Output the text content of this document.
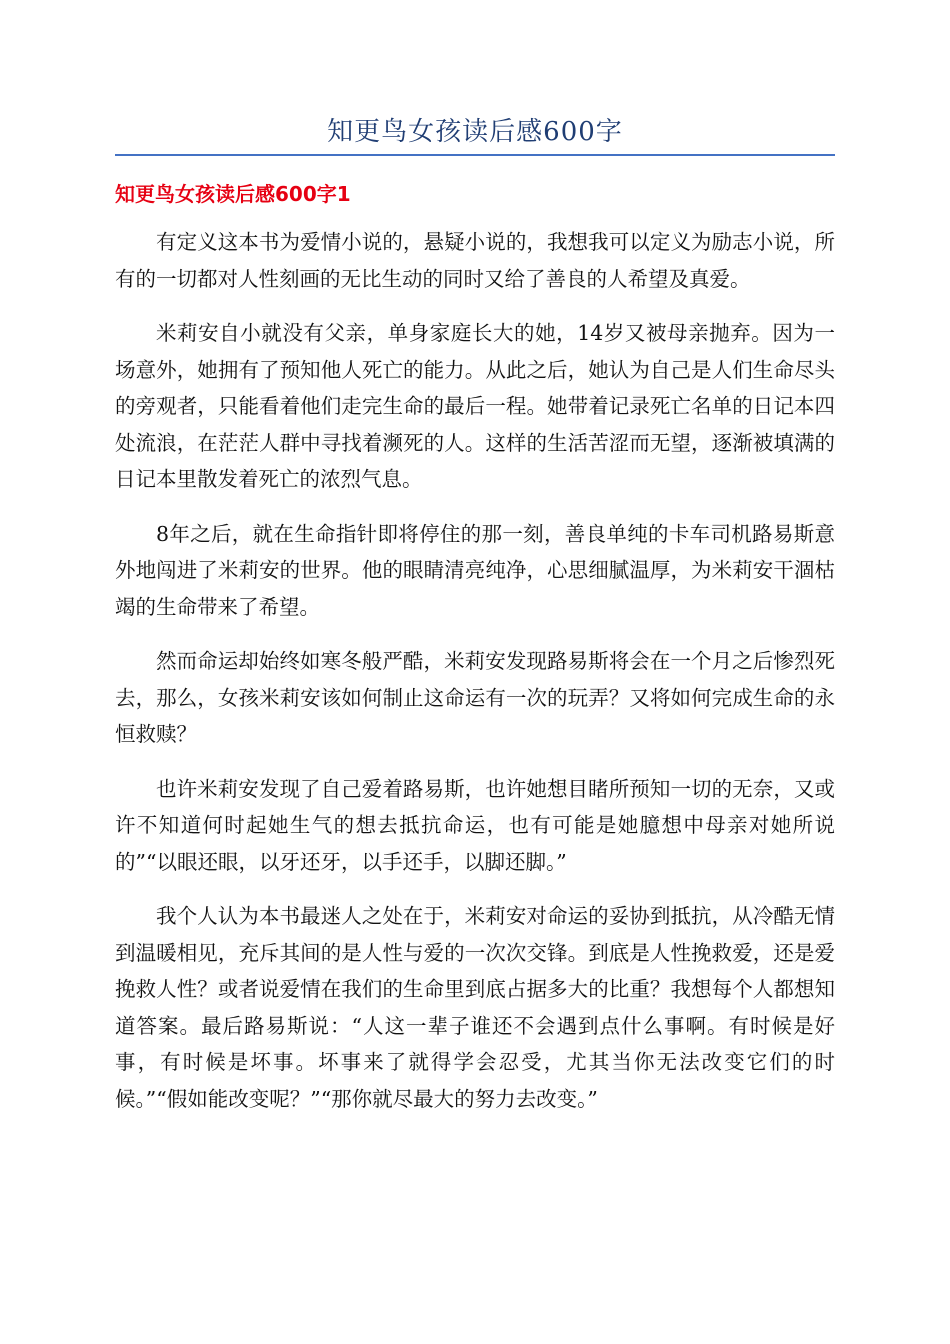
知更鸟女孩读后感600字
知更鸟女孩读后感600字1

有定义这本书为爱情小说的，悬疑小说的，我想我可以定义为励志小说，所有的一切都对人性刻画的无比生动的同时又给了善良的人希望及真爱。

米莉安自小就没有父亲，单身家庭长大的她，14岁又被母亲抛弃。因为一场意外，她拥有了预知他人死亡的能力。从此之后，她认为自己是人们生命尽头的旁观者，只能看着他们走完生命的最后一程。她带着记录死亡名单的日记本四处流浪，在茫茫人群中寻找着濒死的人。这样的生活苦涩而无望，逐渐被填满的日记本里散发着死亡的浓烈气息。

8年之后，就在生命指针即将停住的那一刻，善良单纯的卡车司机路易斯意外地闯进了米莉安的世界。他的眼睛清亮纯净，心思细腻温厚，为米莉安干涸枯竭的生命带来了希望。

然而命运却始终如寒冬般严酷，米莉安发现路易斯将会在一个月之后惨烈死去，那么，女孩米莉安该如何制止这命运有一次的玩弄？又将如何完成生命的永恒救赎？

也许米莉安发现了自己爱着路易斯，也许她想目睹所预知一切的无奈，又或许不知道何时起她生气的想去抵抗命运，也有可能是她臆想中母亲对她所说的”“以眼还眼，以牙还牙，以手还手，以脚还脚。”

我个人认为本书最迷人之处在于，米莉安对命运的妥协到抵抗，从冷酷无情到温暖相见，充斥其间的是人性与爱的一次次交锋。到底是人性挽救爱，还是爱挽救人性？或者说爱情在我们的生命里到底占据多大的比重？我想每个人都想知道答案。最后路易斯说：“人这一辈子谁还不会遇到点什么事啊。有时候是好事，有时候是坏事。坏事来了就得学会忍受，尤其当你无法改变它们的时候。”“假如能改变呢？”“那你就尽最大的努力去改变。”
